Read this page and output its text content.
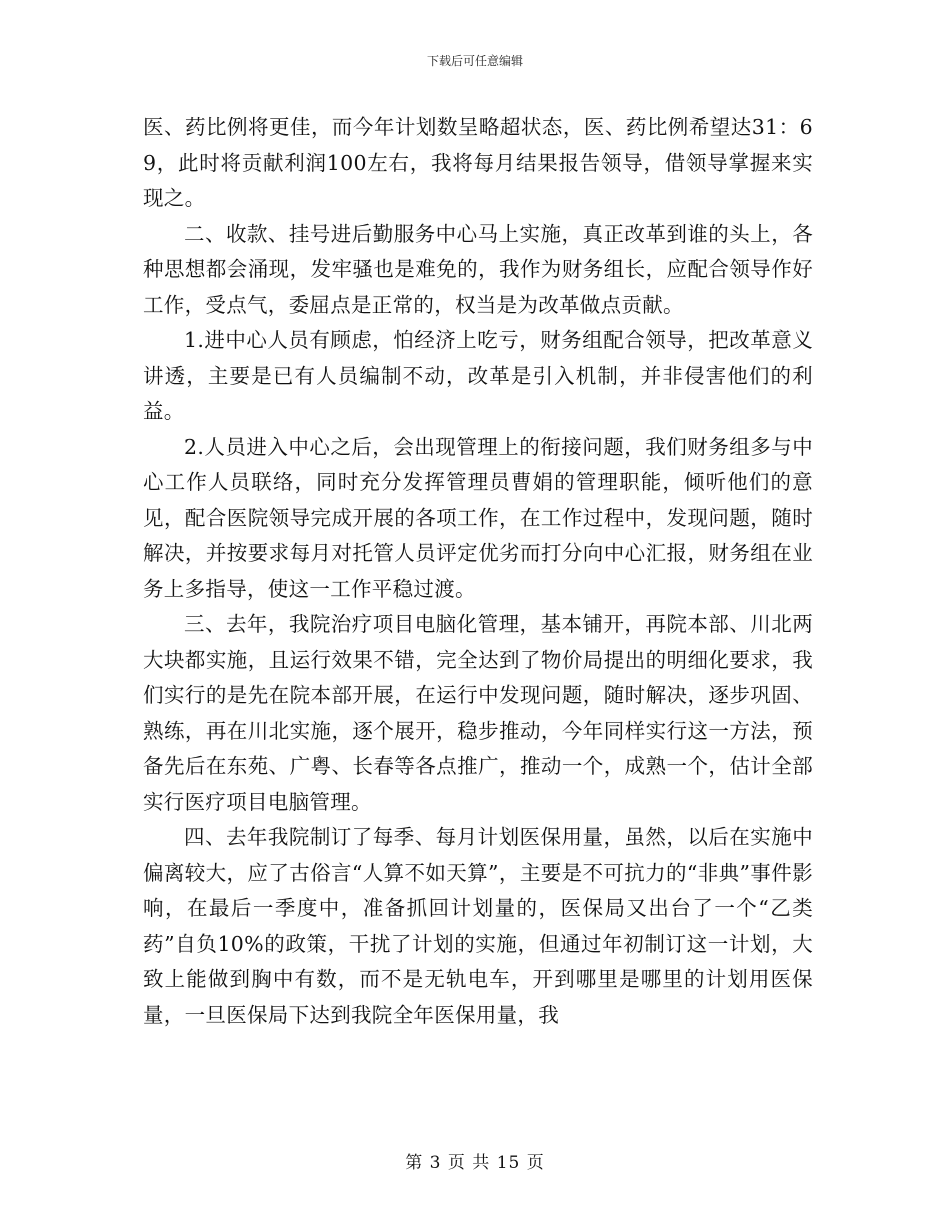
下载后可任意编辑

医、药比例将更佳，而今年计划数呈略超状态，医、药比例希望达31：69，此时将贡献利润100左右，我将每月结果报告领导，借领导掌握来实现之。

二、收款、挂号进后勤服务中心马上实施，真正改革到谁的头上，各种思想都会涌现，发牢骚也是难免的，我作为财务组长，应配合领导作好工作，受点气，委屈点是正常的，权当是为改革做点贡献。

1.进中心人员有顾虑，怕经济上吃亏，财务组配合领导，把改革意义讲透，主要是已有人员编制不动，改革是引入机制，并非侵害他们的利益。

2.人员进入中心之后，会出现管理上的衔接问题，我们财务组多与中心工作人员联络，同时充分发挥管理员曹娟的管理职能，倾听他们的意见，配合医院领导完成开展的各项工作，在工作过程中，发现问题，随时解决，并按要求每月对托管人员评定优劣而打分向中心汇报，财务组在业务上多指导，使这一工作平稳过渡。

三、去年，我院治疗项目电脑化管理，基本铺开，再院本部、川北两大块都实施，且运行效果不错，完全达到了物价局提出的明细化要求，我们实行的是先在院本部开展，在运行中发现问题，随时解决，逐步巩固、熟练，再在川北实施，逐个展开，稳步推动，今年同样实行这一方法，预备先后在东苑、广粤、长春等各点推广，推动一个，成熟一个，估计全部实行医疗项目电脑管理。

四、去年我院制订了每季、每月计划医保用量，虽然，以后在实施中偏离较大，应了古俗言“人算不如天算”，主要是不可抗力的“非典”事件影响，在最后一季度中，准备抓回计划量的，医保局又出台了一个“乙类药”自负10%的政策，干扰了计划的实施，但通过年初制订这一计划，大致上能做到胸中有数，而不是无轨电车，开到哪里是哪里的计划用医保量，一旦医保局下达到我院全年医保用量，我

第 3 页 共 15 页
